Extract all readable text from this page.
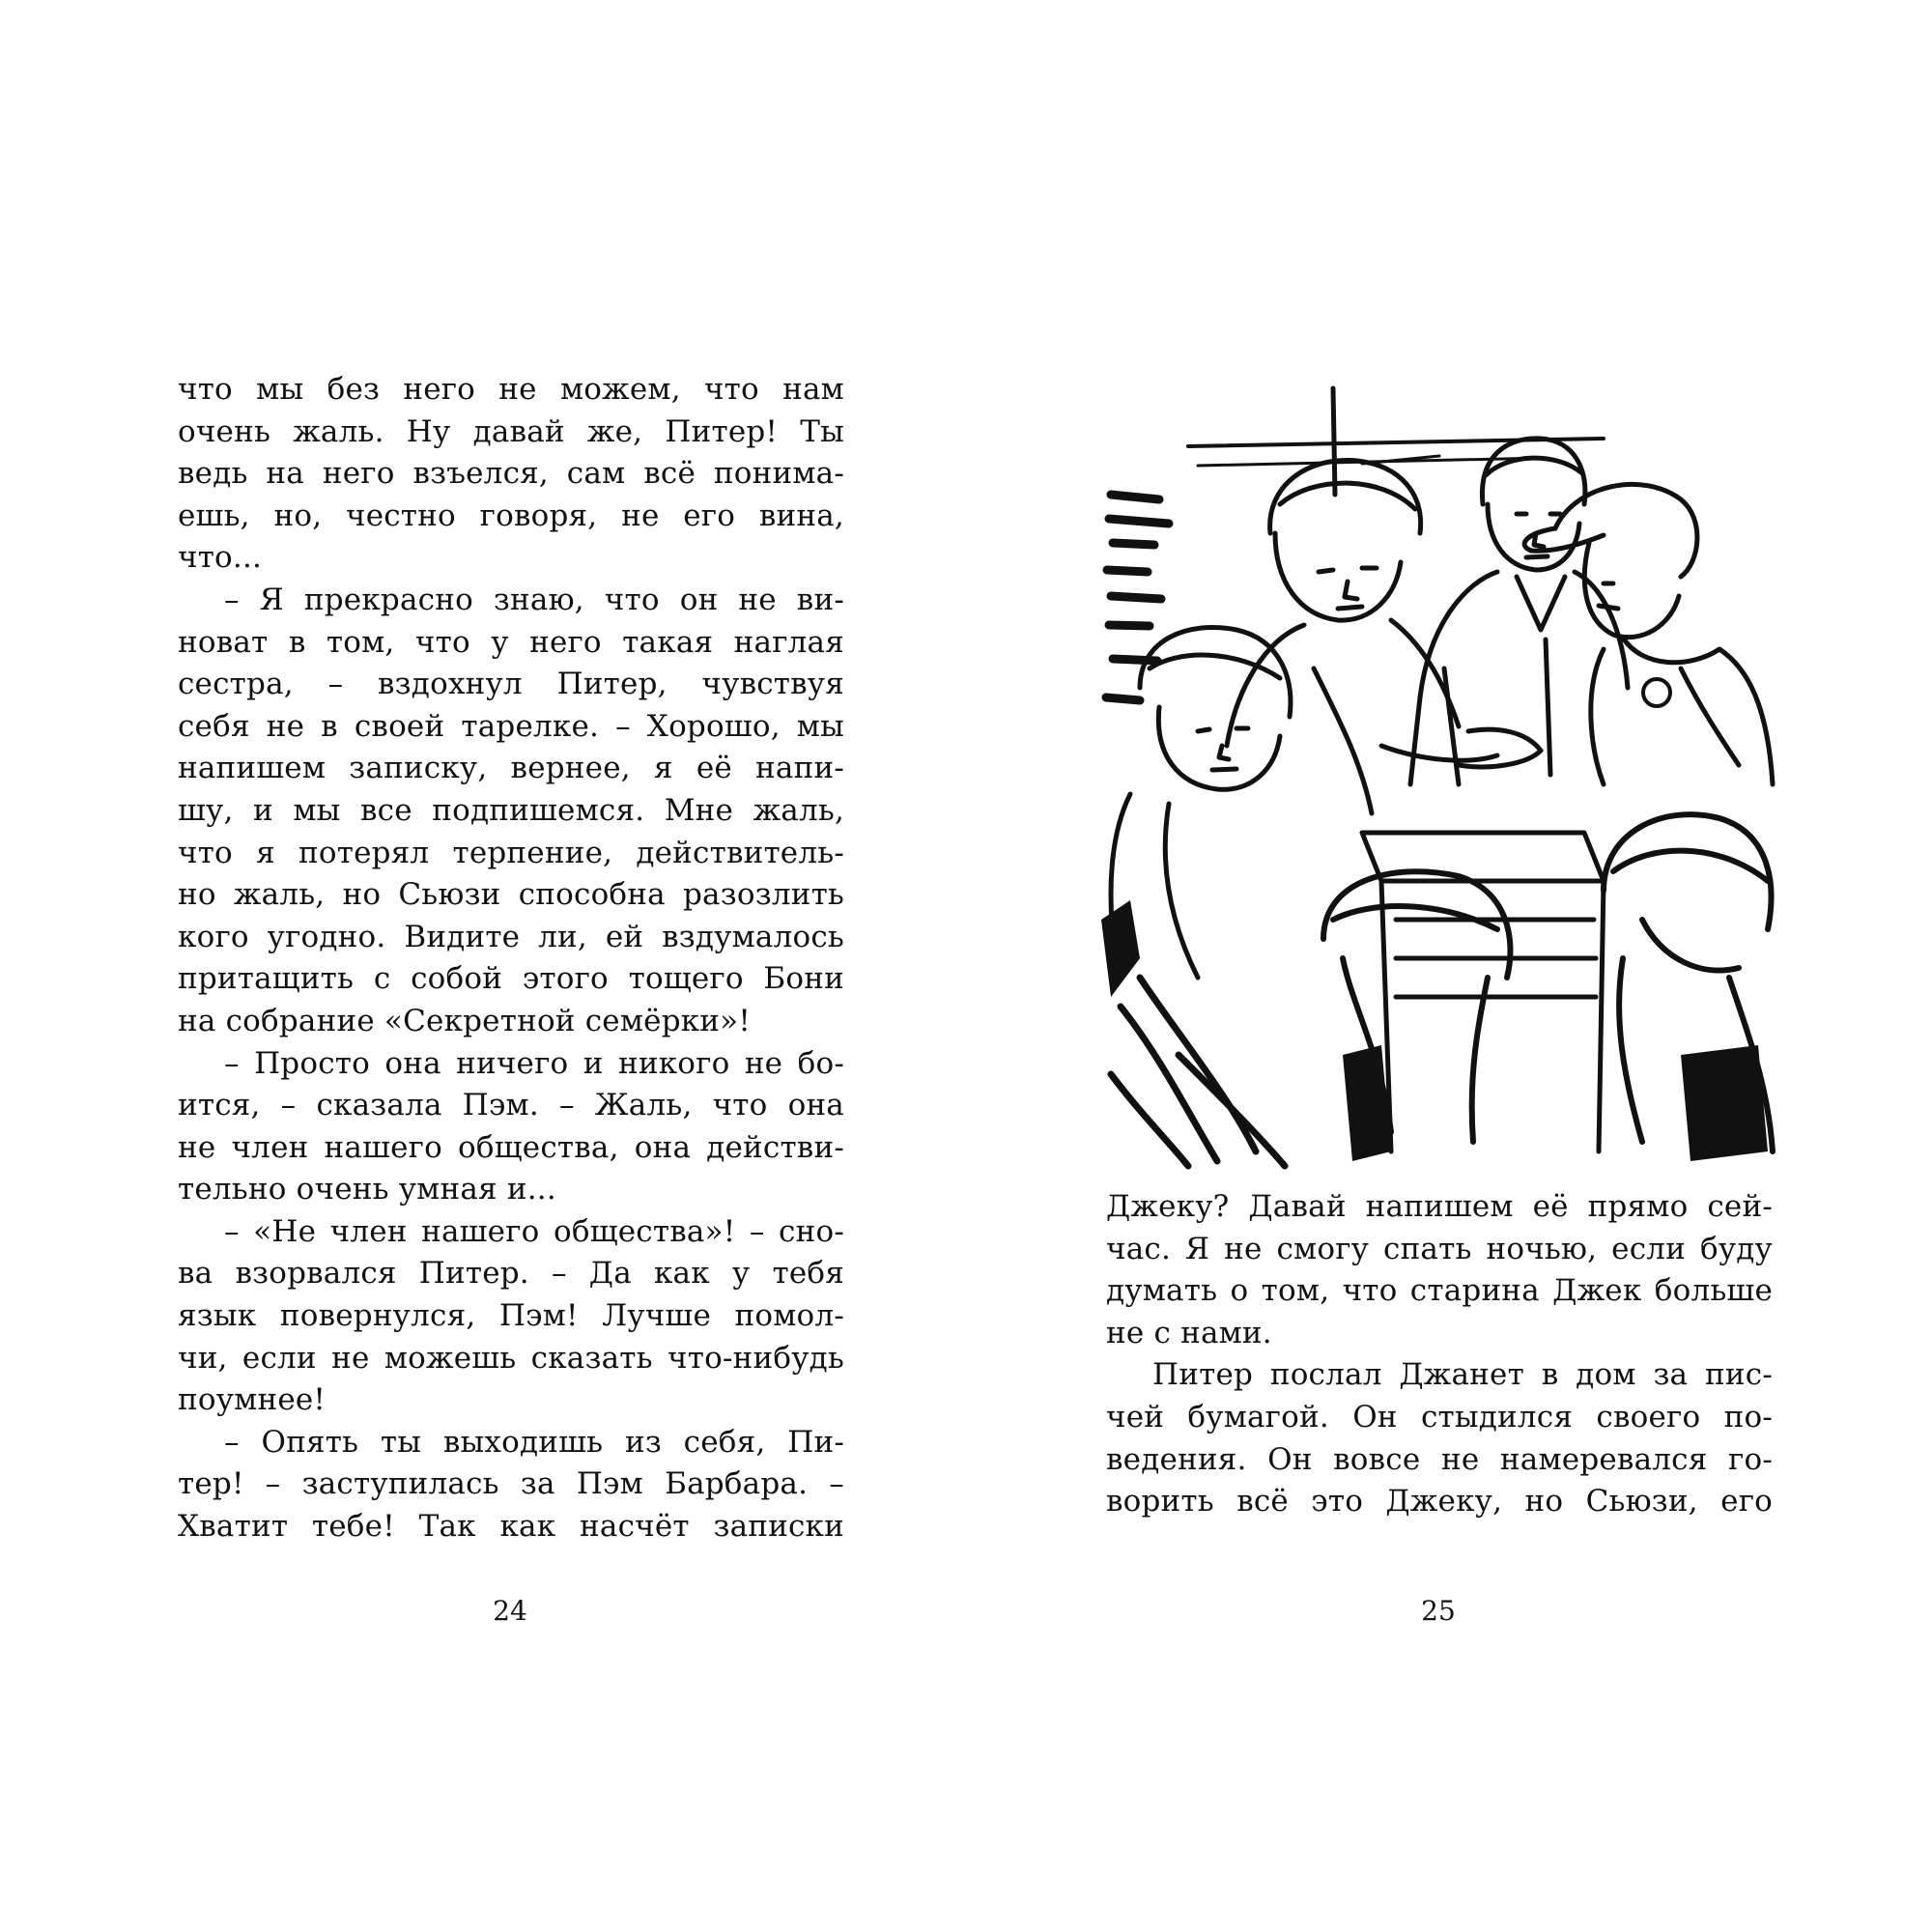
что мы без него не можем, что нам
очень жаль. Ну давай же, Питер! Ты
ведь на него взъелся, сам всё понима-
ешь, но, честно говоря, не его вина,
что...
– Я прекрасно знаю, что он не ви-
новат в том, что у него такая наглая
сестра, – вздохнул Питер, чувствуя
себя не в своей тарелке. – Хорошо, мы
напишем записку, вернее, я её напи-
шу, и мы все подпишемся. Мне жаль,
что я потерял терпение, действитель-
но жаль, но Сьюзи способна разозлить
кого угодно. Видите ли, ей вздумалось
притащить с собой этого тощего Бони
на собрание «Секретной семёрки»!
– Просто она ничего и никого не бо-
ится, – сказала Пэм. – Жаль, что она
не член нашего общества, она действи-
тельно очень умная и...
– «Не член нашего общества»! – сно-
ва взорвался Питер. – Да как у тебя
язык повернулся, Пэм! Лучше помол-
чи, если не можешь сказать что-нибудь
поумнее!
– Опять ты выходишь из себя, Пи-
тер! – заступилась за Пэм Барбара. –
Хватит тебе! Так как насчёт записки
24
Джеку? Давай напишем её прямо сей-
час. Я не смогу спать ночью, если буду
думать о том, что старина Джек больше
не с нами.
Питер послал Джанет в дом за пис-
чей бумагой. Он стыдился своего по-
ведения. Он вовсе не намеревался го-
ворить всё это Джеку, но Сьюзи, его
25
